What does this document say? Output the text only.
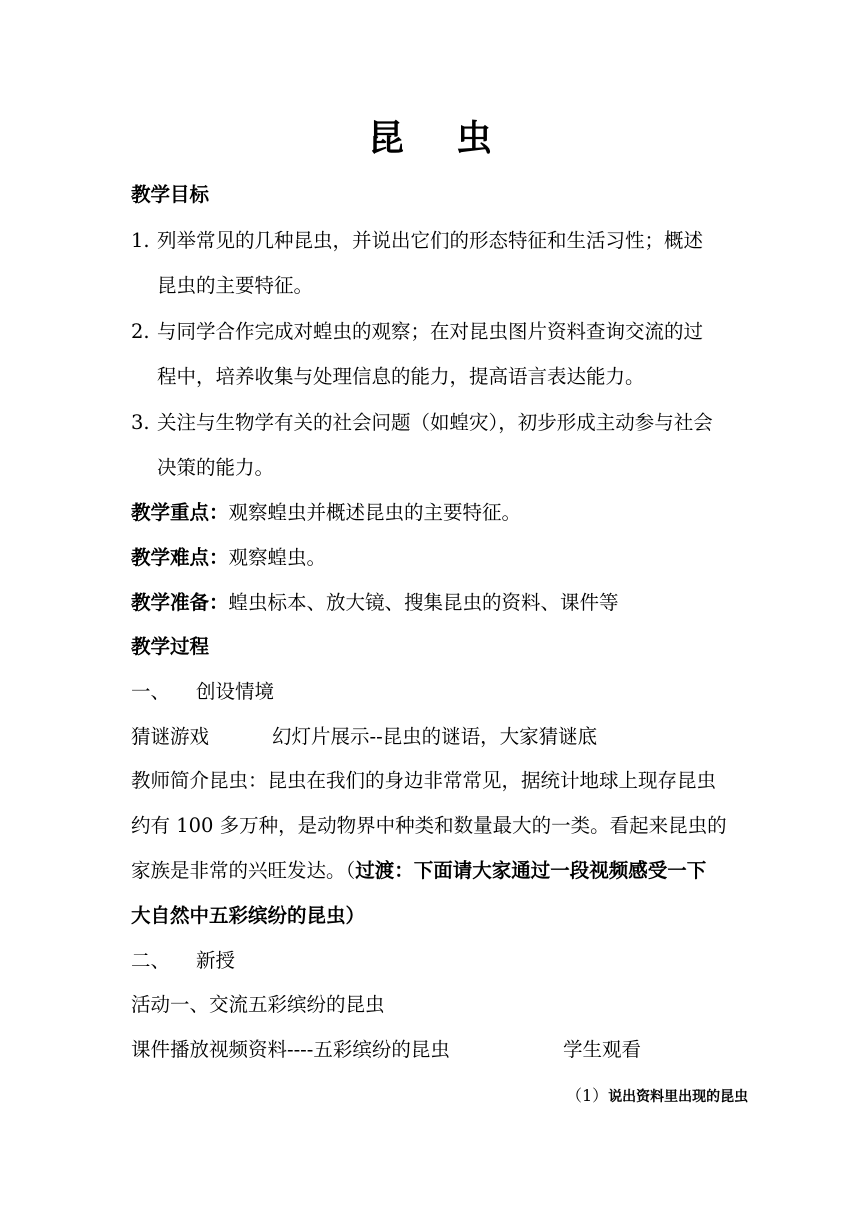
昆虫
教学目标
1. 列举常见的几种昆虫，并说出它们的形态特征和生活习性；概述
昆虫的主要特征。
2. 与同学合作完成对蝗虫的观察；在对昆虫图片资料查询交流的过
程中，培养收集与处理信息的能力，提高语言表达能力。
3. 关注与生物学有关的社会问题（如蝗灾），初步形成主动参与社会
决策的能力。
教学重点：观察蝗虫并概述昆虫的主要特征。
教学难点：观察蝗虫。
教学准备：蝗虫标本、放大镜、搜集昆虫的资料、课件等
教学过程
一、 创设情境
猜谜游戏	幻灯片展示--昆虫的谜语，大家猜谜底
教师简介昆虫：昆虫在我们的身边非常常见，据统计地球上现存昆虫
约有 100 多万种，是动物界中种类和数量最大的一类。看起来昆虫的
家族是非常的兴旺发达。（过渡：下面请大家通过一段视频感受一下
大自然中五彩缤纷的昆虫）
二、 新授
活动一、交流五彩缤纷的昆虫
课件播放视频资料----五彩缤纷的昆虫	学生观看
（1）说出资料里出现的昆虫
